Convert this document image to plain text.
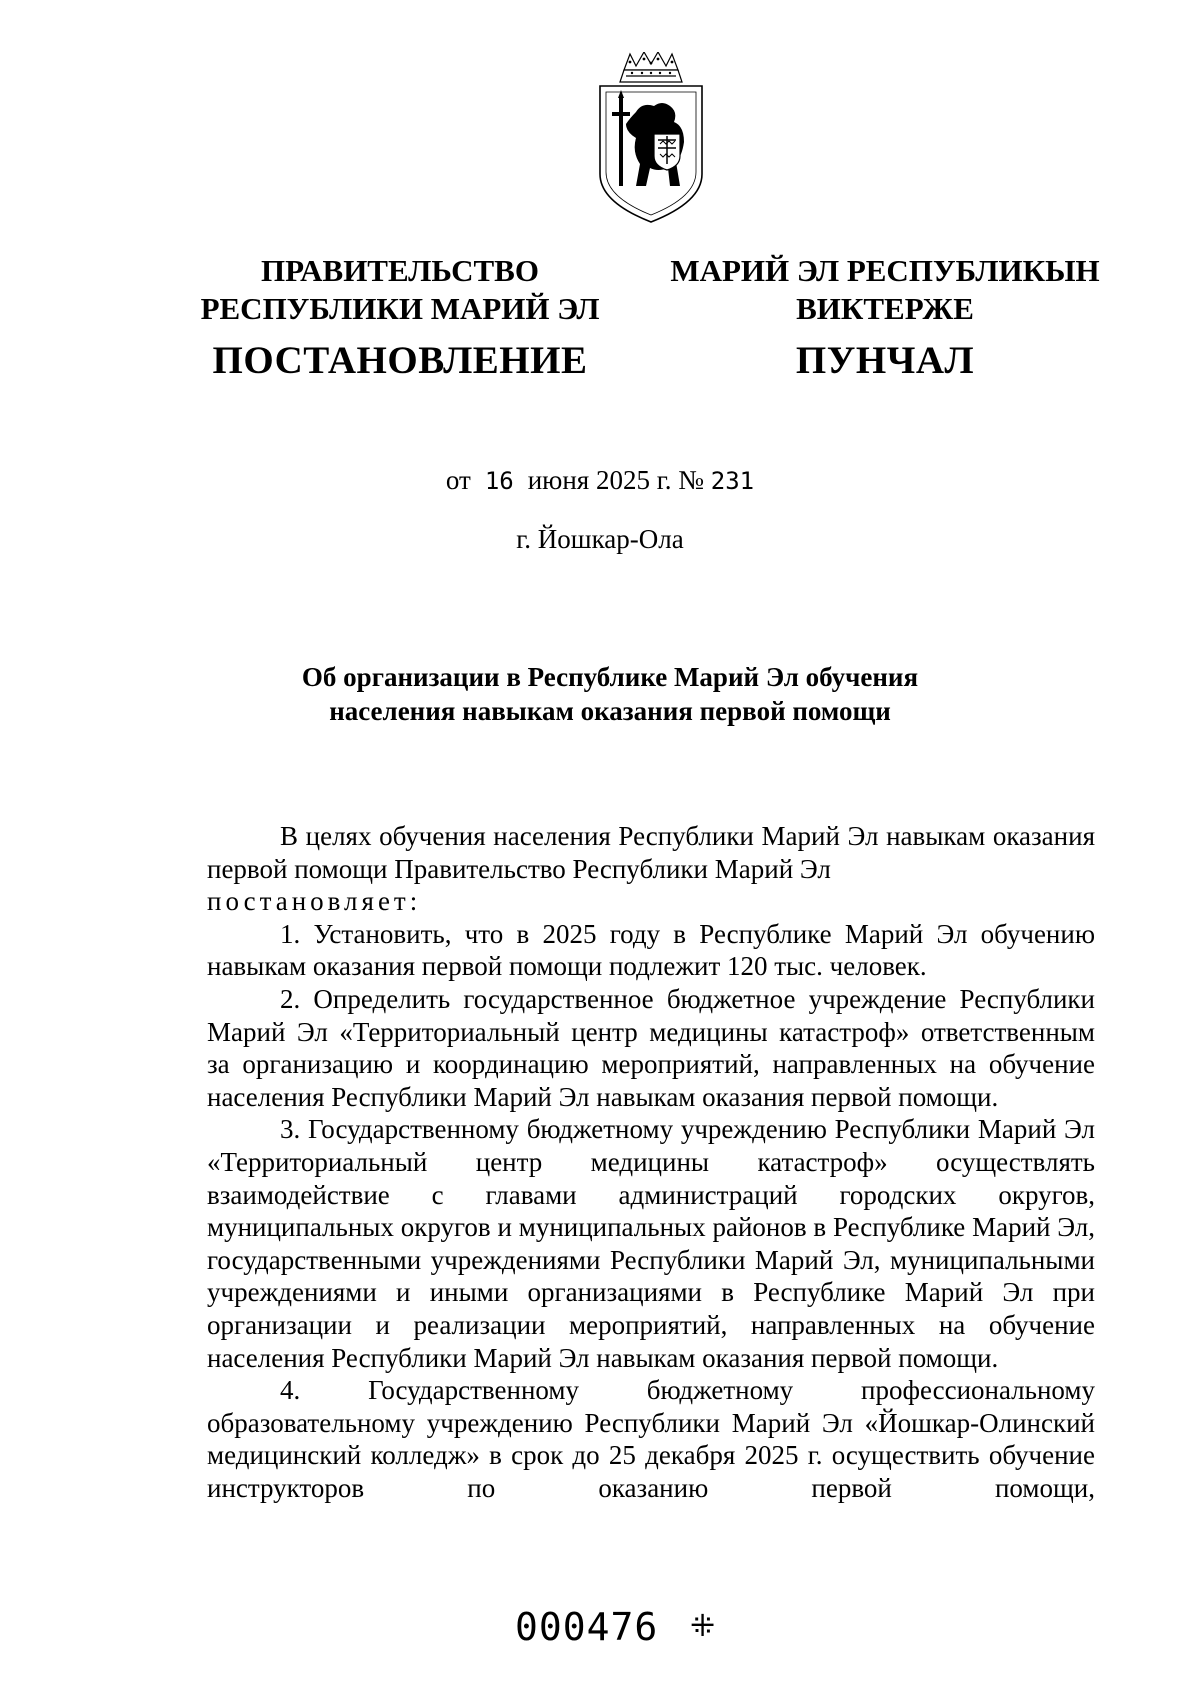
ПРАВИТЕЛЬСТВО
РЕСПУБЛИКИ МАРИЙ ЭЛ
ПОСТАНОВЛЕНИЕ
МАРИЙ ЭЛ РЕСПУБЛИКЫН
ВИКТЕРЖЕ
ПУНЧАЛ
от 16 июня 2025 г. № 231
г. Йошкар-Ола
Об организации в Республике Марий Эл обучения
населения навыкам оказания первой помощи

В целях обучения населения Республики Марий Эл навыкам оказания первой помощи Правительство Республики Марий Эл
постановляет:

1. Установить, что в 2025 году в Республике Марий Эл обучению навыкам оказания первой помощи подлежит 120 тыс. человек.

2. Определить государственное бюджетное учреждение Республики Марий Эл «Территориальный центр медицины катастроф» ответственным за организацию и координацию мероприятий, направленных на обучение населения Республики Марий Эл навыкам оказания первой помощи.

3. Государственному бюджетному учреждению Республики Марий Эл «Территориальный центр медицины катастроф» осуществлять взаимодействие с главами администраций городских округов, муниципальных округов и муниципальных районов в Республике Марий Эл, государственными учреждениями Республики Марий Эл, муниципальными учреждениями и иными организациями в Республике Марий Эл при организации и реализации мероприятий, направленных на обучение населения Республики Марий Эл навыкам оказания первой помощи.

4. Государственному бюджетному профессиональному образовательному учреждению Республики Марий Эл «Йошкар-Олинский медицинский колледж» в срок до 25 декабря 2025 г. осуществить обучение инструкторов по оказанию первой помощи,

000476 ⁜
